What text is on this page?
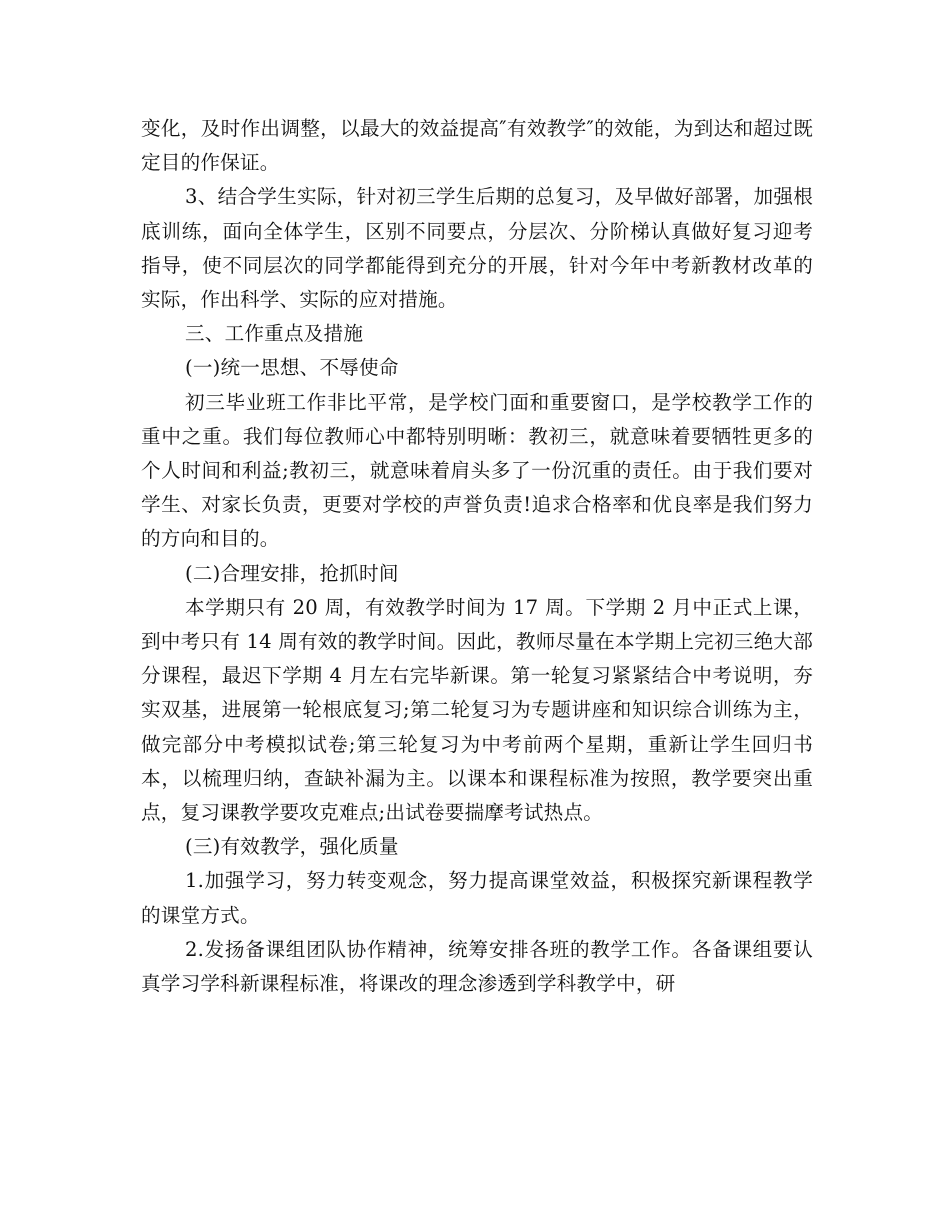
变化，及时作出调整，以最大的效益提高″有效教学″的效能，为到达和超过既定目的作保证。

3、结合学生实际，针对初三学生后期的总复习，及早做好部署，加强根底训练，面向全体学生，区别不同要点，分层次、分阶梯认真做好复习迎考指导，使不同层次的同学都能得到充分的开展，针对今年中考新教材改革的实际，作出科学、实际的应对措施。

三、工作重点及措施

(一)统一思想、不辱使命

初三毕业班工作非比平常，是学校门面和重要窗口，是学校教学工作的重中之重。我们每位教师心中都特别明晰：教初三，就意味着要牺牲更多的个人时间和利益;教初三，就意味着肩头多了一份沉重的责任。由于我们要对学生、对家长负责，更要对学校的声誉负责!追求合格率和优良率是我们努力的方向和目的。

(二)合理安排，抢抓时间

本学期只有 20 周，有效教学时间为 17 周。下学期 2 月中正式上课，到中考只有 14 周有效的教学时间。因此，教师尽量在本学期上完初三绝大部分课程，最迟下学期 4 月左右完毕新课。第一轮复习紧紧结合中考说明，夯实双基，进展第一轮根底复习;第二轮复习为专题讲座和知识综合训练为主，做完部分中考模拟试卷;第三轮复习为中考前两个星期，重新让学生回归书本，以梳理归纳，查缺补漏为主。以课本和课程标准为按照，教学要突出重点，复习课教学要攻克难点;出试卷要揣摩考试热点。

(三)有效教学，强化质量

1.加强学习，努力转变观念，努力提高课堂效益，积极探究新课程教学的课堂方式。

2.发扬备课组团队协作精神，统筹安排各班的教学工作。各备课组要认真学习学科新课程标准，将课改的理念渗透到学科教学中，研
